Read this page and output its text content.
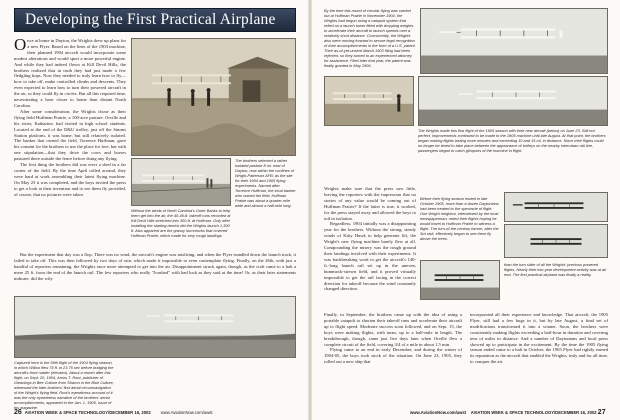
Developing the First Practical Airplane

Once at home in Dayton, the Wrights drew up plans for a new Flyer. Based on the lines of the 1903 machine, their planned 1904 aircraft would incorporate some modest alterations and would sport a more powerful engine. And while they had indeed flown at Kill Devil Hills, the brothers realized that in truth they had just made a few fledgling hops. Now they needed to truly learn how to fly—how to take off, make controlled climbs and descents. They even expected to learn how to turn their powered aircraft in the air, so they could fly in circles. But all this required time, necessitating a base closer to home than distant North Carolina.

After some consideration, the Wrights chose as their flying field Huffman Prairie, a 100-acre pasture. Orville and his sister, Katharine, had visited in high school students. Located at the end of the D&U trolley, just off the Simms Station platform, it was home, but still relatively isolated. The banker that owned the field, Torrence Huffman, gave his consent for the brothers to use the place for free, but with one stipulation—that they drive the cows and horses pastured there outside the fence before doing any flying.

The first thing the brothers did was erect a shed in a far corner of the field. By the time April rolled around, they were hard at work assembling their latest flying machine. On May 23 it was completed, and the boys invited the press to get a look at their invention and to see them fly provided, of course, that no pictures were taken.

But the experiment that day was a flop. There was no wind, the aircraft's engine was misfiring, and when the Flyer trundled down the launch track, it failed to take off. This was then followed by two days of rain, which made it impossible to even contemplate flying. Finally, on the 26th, with just a handful of reporters remaining, the Wrights once more attempted to get into the air. Disappointment struck again, though, as the craft came to a halt a mere 25 ft. from the end of the launch rail. The few reporters who really "Joashed" with bad luck as they said at the time! Or, as their later statements indicate, did the wily

The brothers selected a rather isolated pasture 8 mi. east of Dayton, now within the confines of Wright-Patterson AFB, as the site for their 1904 and 1905 flying experiments. Named after Torrence Huffman, the local banker who owned the field, Huffman Prairie was about a quarter-mile wide and almost a half-mile long.
Without the winds of North Carolina's Outer Banks to help them get into the air, the 40-46-ft. takeoff runs recorded at Kill Devil Hills stretched into 300-ft. at Huffman. Only after installing the starting derrick did the Wrights launch 1,300 ft. Also apparent are the grassy hummocks that covered Huffman Prairie, which made for very rough landings.
Captured here is the 59th flight of the 1904 flying season, in which Wilbur flew 75 ft. in 23.75 sec before bridging the aircraft's front rudder (elevator). About a month after this flight, on Sept. 20, 1904, Amos T. Root, publisher of Gleanings in Bee Culture from Sharon in the Blue Culture, witnessed the later brothers' first aerial circumnavigation of the Wright's flying field. Root's eyewitness account of it was the only eyewitness narrative of the brothers' aerial accomplishments, appeared in the Jan. 1, 1905, issue of his magazine.
26 AVIATION WEEK & SPACE TECHNOLOGY/DECEMBER 16, 2002 www.AviationNow.com/awst
By the time this round of circular flying was carried out at Huffman Prairie in November 1904, the Wrights had begun using a catapult system that relied on a launch tower fitted with dropping weights to accelerate their aircraft to launch speeds over a relatively short distance. Concurrently, the Wrights also were moving forward to secure legal recognition of their accomplishments in the form of a U.S. patent. Their as-of-yet-unsent March 1903 filing had been rejected, so they turned to an experienced attorney for assistance. Filed later that year, the patent was finally granted in May 1906.
The Wrights made this first flight of the 1905 season with their new aircraft (below) on June 23. Still not perfect, improvements continued to be made to the 1905 machine until late August. At that point, the brothers began making flights lasting more minutes and exceeding 10 and 15 mi. in distance. Since their flights could no longer be timed to take place between the appearance of trolleys on the nearby interurban rail line, passengers began to catch glimpses of the machine in flight.

Wrights make sure that the press saw little, leaving the reporters with the impression that no stories of any value would be coming out of Huffman Prairie? If the latter is true, it worked, for the press stayed away and allowed the boys to toil in isolation.

Regardless, 1904 initially was a disappointing year for the brothers. Without the strong, steady winds of Kitty Hawk to help generate lift, the Wright's new flying machine barely flew at all. Compounding the misery was the rough ground their landings involved with their experiments. It was backbreaking work to get the aircraft's 140-ft.-long launch rail set up in the uneven, hummock-strewn field, and it proved virtually impossible to get the rail facing in the correct direction for takeoff because the wind constantly changed direction.

Before their flying season ended in late October 1905, more than a dozen Daytonians had been treated to the spectacle of flight. One Wright neighbor, interviewed by the local newspaperman, noted their flights hoping he would travel to Huffman Prairie to witness a flight. The turn-of-the-century farmer, after the 3rd visit, effectively began to see them fly above the trees.
than the turn sider of all the Wrights' previous powered flights. Nearly their two-year development activity was at an end. The first practical airplane was finally a reality.

Finally, in September, the brothers came up with the idea of using a portable catapult to shorten their takeoff runs and accelerate their aircraft up to flight speed. Moderate success soon followed, and on Sept. 15, the boys were making flights, with turns, up to a half-mile in length. The breakthrough, though, came just five days later when Orville flew a complete circuit of the field, covering 3/4 of a mile in about 1.5 min.

Flying came to an end in early December, and during the winter of 1904-05, the boys took stock of the situation. On June 23, 1905, they rolled out a new ship that

incorporated all their experience and knowledge. That aircraft, the 1905 Flyer, still had a few bugs in it, but by late August, a final set of modifications transformed it into a winner. Soon, the brothers were consistently making flights exceeding a half-hour in duration and covering tens of miles in distance. And a number of Daytonians and local press showed up to participate in the excitement. By the time the 1905 flying season ended came to a halt in October, the 1905 Flyer had rightly earned its reputation as the aircraft that enabled the Wrights, truly and for all time, to conquer the air.

www.AviationNow.com/awst AVIATION WEEK & SPACE TECHNOLOGY/DECEMBER 16, 2002 27
